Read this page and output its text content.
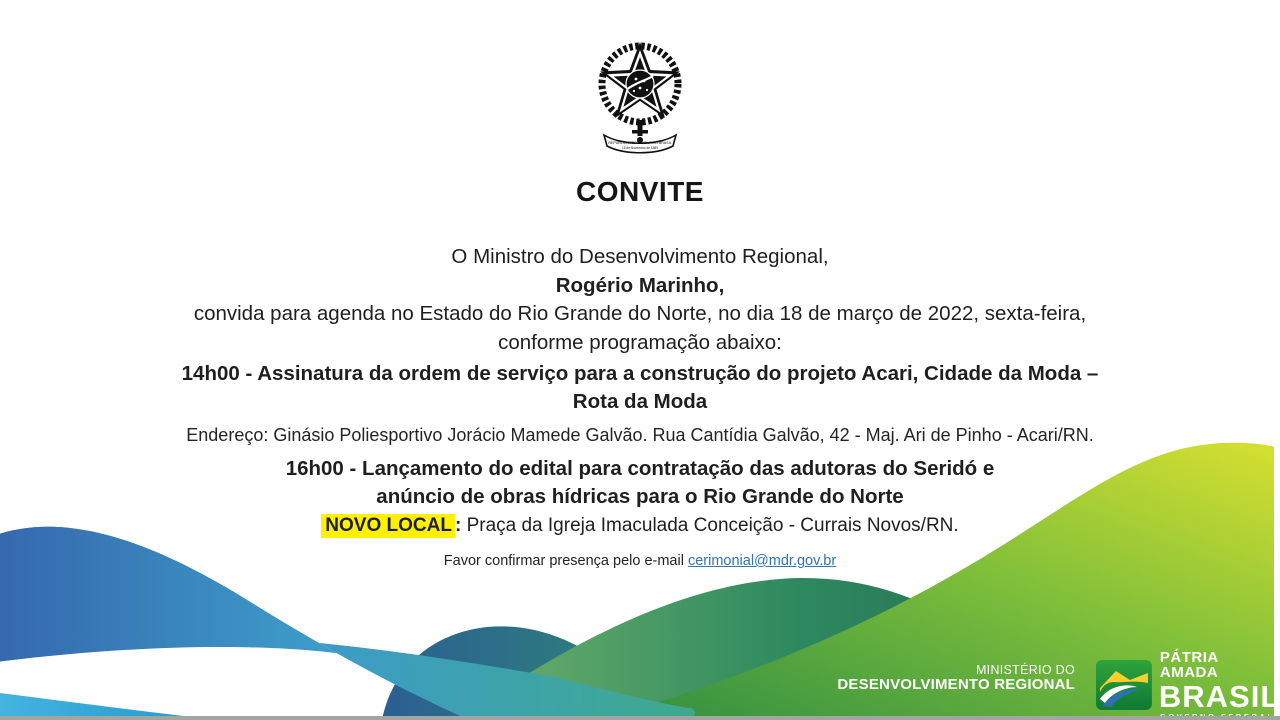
REPÚBLICA FEDERATIVA DO BRASIL
15 de Novembro de 1889
CONVITE
O Ministro do Desenvolvimento Regional,
Rogério Marinho,
convida para agenda no Estado do Rio Grande do Norte, no dia 18 de março de 2022, sexta-feira,
conforme programação abaixo:
14h00 - Assinatura da ordem de serviço para a construção do projeto Acari, Cidade da Moda –
Rota da Moda
Endereço: Ginásio Poliesportivo Jorácio Mamede Galvão. Rua Cantídia Galvão, 42 - Maj. Ari de Pinho - Acari/RN.
16h00 - Lançamento do edital para contratação das adutoras do Seridó e
anúncio de obras hídricas para o Rio Grande do Norte
NOVO LOCAL : Praça da Igreja Imaculada Conceição - Currais Novos/RN.
Favor confirmar presença pelo e-mail cerimonial@mdr.gov.br
MINISTÉRIO DO
DESENVOLVIMENTO REGIONAL
PÁTRIA AMADA
BRASIL
